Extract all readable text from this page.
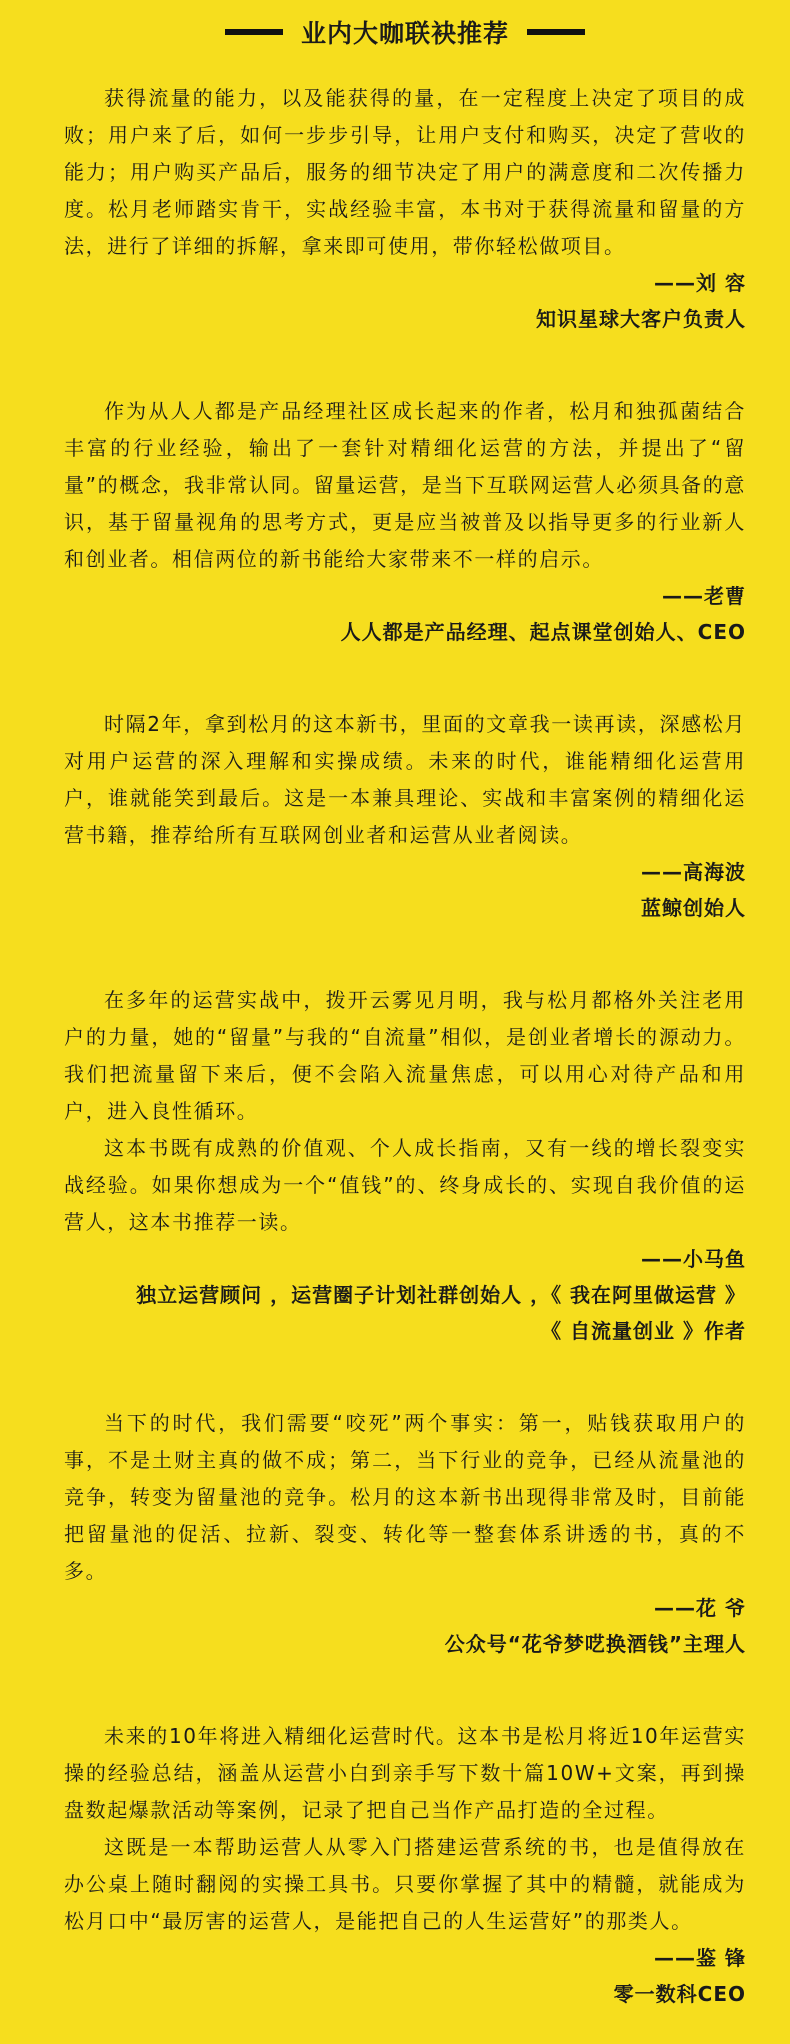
业内大咖联袂推荐

获得流量的能力，以及能获得的量，在一定程度上决定了项目的成败；用户来了后，如何一步步引导，让用户支付和购买，决定了营收的能力；用户购买产品后，服务的细节决定了用户的满意度和二次传播力度。松月老师踏实肯干，实战经验丰富，本书对于获得流量和留量的方法，进行了详细的拆解，拿来即可使用，带你轻松做项目。

——刘 容

知识星球大客户负责人

作为从人人都是产品经理社区成长起来的作者，松月和独孤菌结合丰富的行业经验，输出了一套针对精细化运营的方法，并提出了“留量”的概念，我非常认同。留量运营，是当下互联网运营人必须具备的意识，基于留量视角的思考方式，更是应当被普及以指导更多的行业新人和创业者。相信两位的新书能给大家带来不一样的启示。

——老曹

人人都是产品经理、起点课堂创始人、CEO

时隔2年，拿到松月的这本新书，里面的文章我一读再读，深感松月对用户运营的深入理解和实操成绩。未来的时代，谁能精细化运营用户，谁就能笑到最后。这是一本兼具理论、实战和丰富案例的精细化运营书籍，推荐给所有互联网创业者和运营从业者阅读。

——高海波

蓝鲸创始人

在多年的运营实战中，拨开云雾见月明，我与松月都格外关注老用户的力量，她的“留量”与我的“自流量”相似，是创业者增长的源动力。我们把流量留下来后，便不会陷入流量焦虑，可以用心对待产品和用户，进入良性循环。

这本书既有成熟的价值观、个人成长指南，又有一线的增长裂变实战经验。如果你想成为一个“值钱”的、终身成长的、实现自我价值的运营人，这本书推荐一读。

——小马鱼

独立运营顾问 ，运营圈子计划社群创始人 ，《 我在阿里做运营 》

《 自流量创业 》作者

当下的时代，我们需要“咬死”两个事实：第一，贴钱获取用户的事，不是土财主真的做不成；第二，当下行业的竞争，已经从流量池的竞争，转变为留量池的竞争。松月的这本新书出现得非常及时，目前能把留量池的促活、拉新、裂变、转化等一整套体系讲透的书，真的不多。

——花 爷

公众号“花爷梦呓换酒钱”主理人

未来的10年将进入精细化运营时代。这本书是松月将近10年运营实操的经验总结，涵盖从运营小白到亲手写下数十篇10W+文案，再到操盘数起爆款活动等案例，记录了把自己当作产品打造的全过程。

这既是一本帮助运营人从零入门搭建运营系统的书，也是值得放在办公桌上随时翻阅的实操工具书。只要你掌握了其中的精髓，就能成为松月口中“最厉害的运营人，是能把自己的人生运营好”的那类人。

——鉴 锋

零一数科CEO
